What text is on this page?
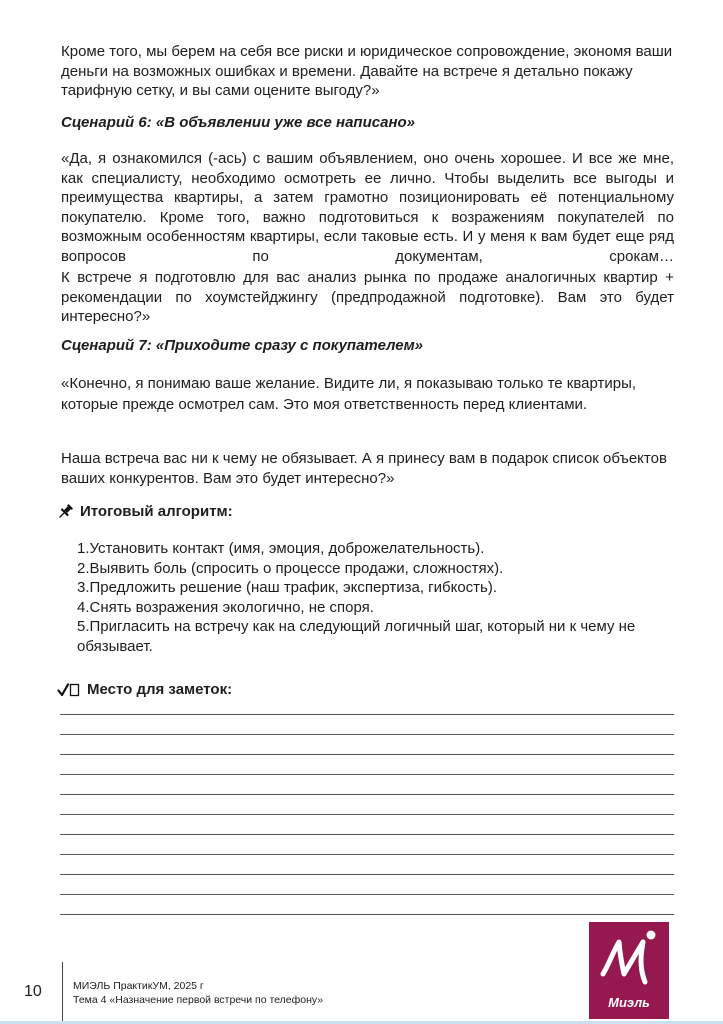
Кроме того, мы берем на себя все риски и юридическое сопровождение, экономя ваши деньги на возможных ошибках и времени. Давайте на встрече я детально покажу тарифную сетку, и вы сами оцените выгоду?»

Сценарий 6: «В объявлении уже все написано»

«Да, я ознакомился (-ась) с вашим объявлением, оно очень хорошее. И все же мне, как специалисту, необходимо осмотреть ее лично. Чтобы выделить все выгоды и преимущества квартиры, а затем грамотно позиционировать её потенциальному покупателю. Кроме того, важно подготовиться к возражениям покупателей по возможным особенностям квартиры, если таковые есть. И у меня к вам будет еще ряд вопросов по документам, срокам…

К встрече я подготовлю для вас анализ рынка по продаже аналогичных квартир + рекомендации по хоумстейджингу (предпродажной подготовке). Вам это будет интересно?»

Сценарий 7: «Приходите сразу с покупателем»

«Конечно, я понимаю ваше желание. Видите ли, я показываю только те квартиры, которые прежде осмотрел сам. Это моя ответственность перед клиентами.

Наша встреча вас ни к чему не обязывает. А я принесу вам в подарок список объектов ваших конкурентов. Вам это будет интересно?»

Итоговый алгоритм:
1.Установить контакт (имя, эмоция, доброжелательность).
2.Выявить боль (спросить о процессе продажи, сложностях).
3.Предложить решение (наш трафик, экспертиза, гибкость).
4.Снять возражения экологично, не споря.
5.Пригласить на встречу как на следующий логичный шаг, который ни к чему не обязывает.
Место для заметок:
10	МИЭЛЬ ПрактикУМ, 2025 г
Тема 4 «Назначение первой встречи по телефону»	Миэль
